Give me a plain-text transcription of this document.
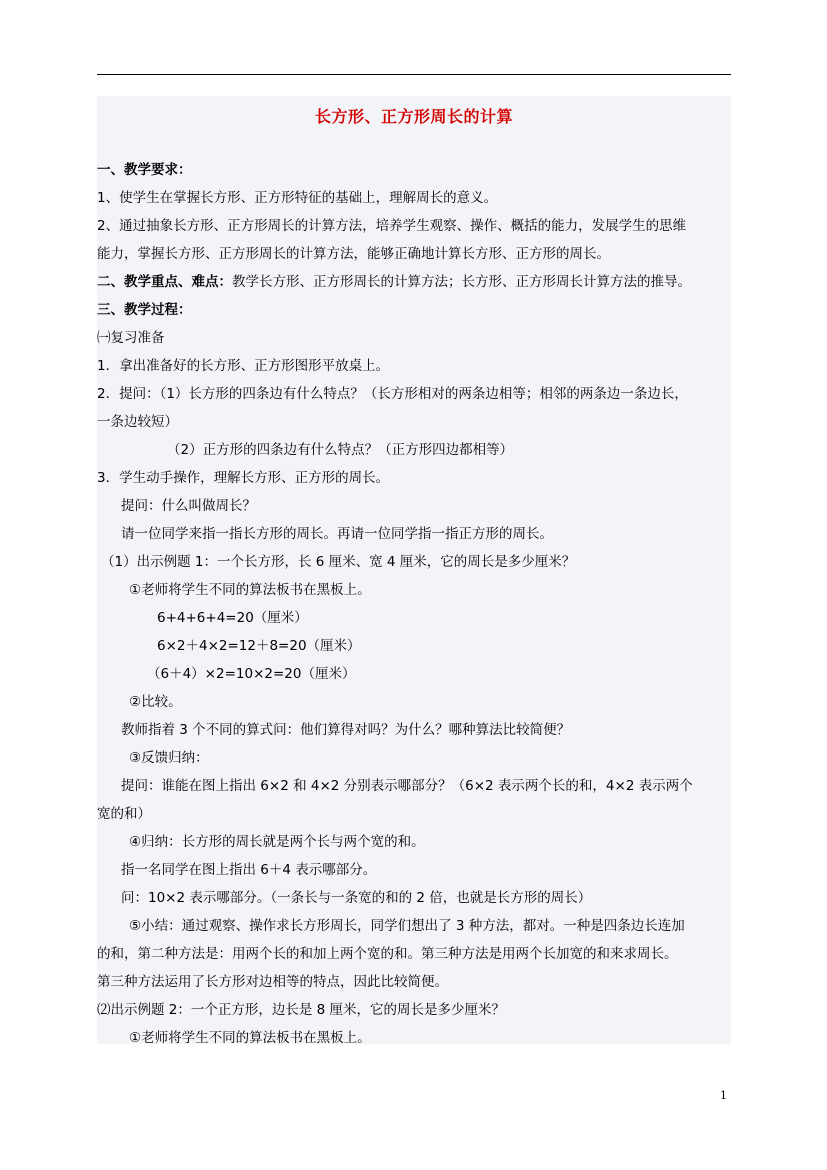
长方形、正方形周长的计算
一、教学要求：
1、使学生在掌握长方形、正方形特征的基础上，理解周长的意义。
2、通过抽象长方形、正方形周长的计算方法，培养学生观察、操作、概括的能力，发展学生的思维
能力，掌握长方形、正方形周长的计算方法，能够正确地计算长方形、正方形的周长。
二、教学重点、难点：教学长方形、正方形周长的计算方法；长方形、正方形周长计算方法的推导。
三、教学过程：
㈠复习准备
1．拿出准备好的长方形、正方形图形平放桌上。
2．提问：（1）长方形的四条边有什么特点？（长方形相对的两条边相等；相邻的两条边一条边长，
一条边较短）
（2）正方形的四条边有什么特点？（正方形四边都相等）
3．学生动手操作，理解长方形、正方形的周长。
提问：什么叫做周长？
请一位同学来指一指长方形的周长。再请一位同学指一指正方形的周长。
（1）出示例题 1：一个长方形，长 6 厘米、宽 4 厘米，它的周长是多少厘米？
①老师将学生不同的算法板书在黑板上。
6+4+6+4=20（厘米）
6×2＋4×2=12＋8=20（厘米）
（6＋4）×2=10×2=20（厘米）
②比较。
教师指着 3 个不同的算式问：他们算得对吗？为什么？哪种算法比较简便？
③反馈归纳：
提问：谁能在图上指出 6×2 和 4×2 分别表示哪部分？（6×2 表示两个长的和，4×2 表示两个
宽的和）
④归纳：长方形的周长就是两个长与两个宽的和。
指一名同学在图上指出 6＋4 表示哪部分。
问：10×2 表示哪部分。（一条长与一条宽的和的 2 倍，也就是长方形的周长）
⑤小结：通过观察、操作求长方形周长，同学们想出了 3 种方法，都对。一种是四条边长连加
的和，第二种方法是：用两个长的和加上两个宽的和。第三种方法是用两个长加宽的和来求周长。
第三种方法运用了长方形对边相等的特点，因此比较简便。
⑵出示例题 2：一个正方形，边长是 8 厘米，它的周长是多少厘米？
①老师将学生不同的算法板书在黑板上。
1
